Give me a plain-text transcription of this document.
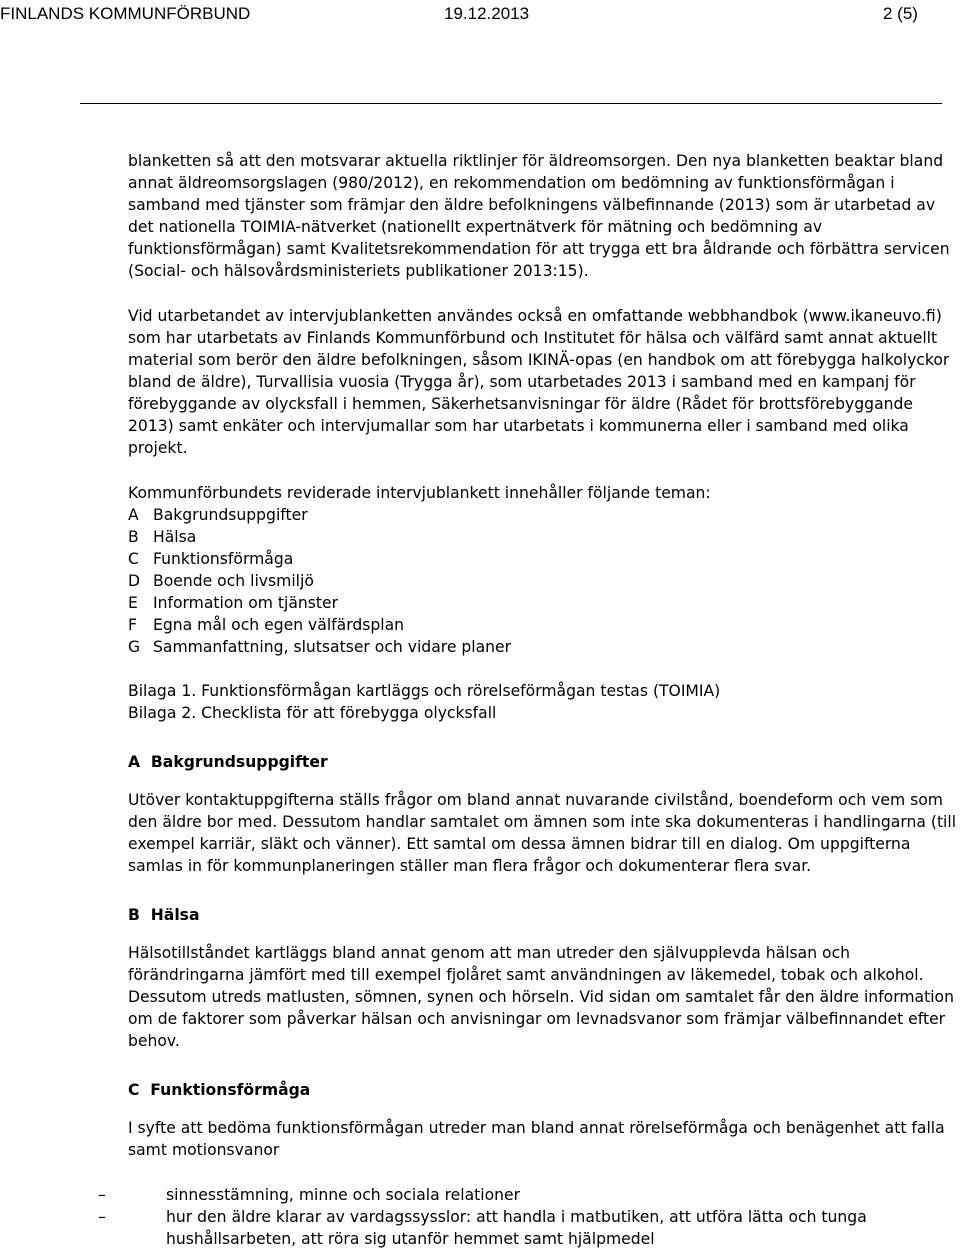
FINLANDS KOMMUNFÖRBUND	19.12.2013	2 (5)

blanketten så att den motsvarar aktuella riktlinjer för äldreomsorgen. Den nya blanketten beaktar bland annat äldreomsorgslagen (980/2012), en rekommendation om bedömning av funktionsförmågan i samband med tjänster som främjar den äldre befolkningens välbefinnande (2013) som är utarbetad av det nationella TOIMIA-nätverket (nationellt expertnätverk för mätning och bedömning av funktionsförmågan) samt Kvalitetsrekommendation för att trygga ett bra åldrande och förbättra servicen (Social- och hälsovårdsministeriets publikationer 2013:15).

Vid utarbetandet av intervjublanketten användes också en omfattande webbhandbok (www.ikaneuvo.fi) som har utarbetats av Finlands Kommunförbund och Institutet för hälsa och välfärd samt annat aktuellt material som berör den äldre befolkningen, såsom IKINÄ-opas (en handbok om att förebygga halkolyckor bland de äldre), Turvallisia vuosia (Trygga år), som utarbetades 2013 i samband med en kampanj för förebyggande av olycksfall i hemmen, Säkerhetsanvisningar för äldre (Rådet för brottsförebyggande 2013) samt enkäter och intervjumallar som har utarbetats i kommunerna eller i samband med olika projekt.

Kommunförbundets reviderade intervjublankett innehåller följande teman:

A Bakgrundsuppgifter

B Hälsa

C Funktionsförmåga

D Boende och livsmiljö

E Information om tjänster

F Egna mål och egen välfärdsplan

G Sammanfattning, slutsatser och vidare planer

Bilaga 1. Funktionsförmågan kartläggs och rörelseförmågan testas (TOIMIA)

Bilaga 2. Checklista för att förebygga olycksfall

A  Bakgrundsuppgifter

Utöver kontaktuppgifterna ställs frågor om bland annat nuvarande civilstånd, boendeform och vem som den äldre bor med. Dessutom handlar samtalet om ämnen som inte ska dokumenteras i handlingarna (till exempel karriär, släkt och vänner). Ett samtal om dessa ämnen bidrar till en dialog. Om uppgifterna samlas in för kommunplaneringen ställer man flera frågor och dokumenterar flera svar.

B  Hälsa

Hälsotillståndet kartläggs bland annat genom att man utreder den självupplevda hälsan och förändringarna jämfört med till exempel fjolåret samt användningen av läkemedel, tobak och alkohol. Dessutom utreds matlusten, sömnen, synen och hörseln. Vid sidan om samtalet får den äldre information om de faktorer som påverkar hälsan och anvisningar om levnadsvanor som främjar välbefinnandet efter behov.

C  Funktionsförmåga

I syfte att bedöma funktionsförmågan utreder man bland annat rörelseförmåga och benägenhet att falla samt motionsvanor

–	sinnesstämning, minne och sociala relationer
–	hur den äldre klarar av vardagssysslor: att handla i matbutiken, att utföra lätta och tunga hushållsarbeten, att röra sig utanför hemmet samt hjälpmedel
